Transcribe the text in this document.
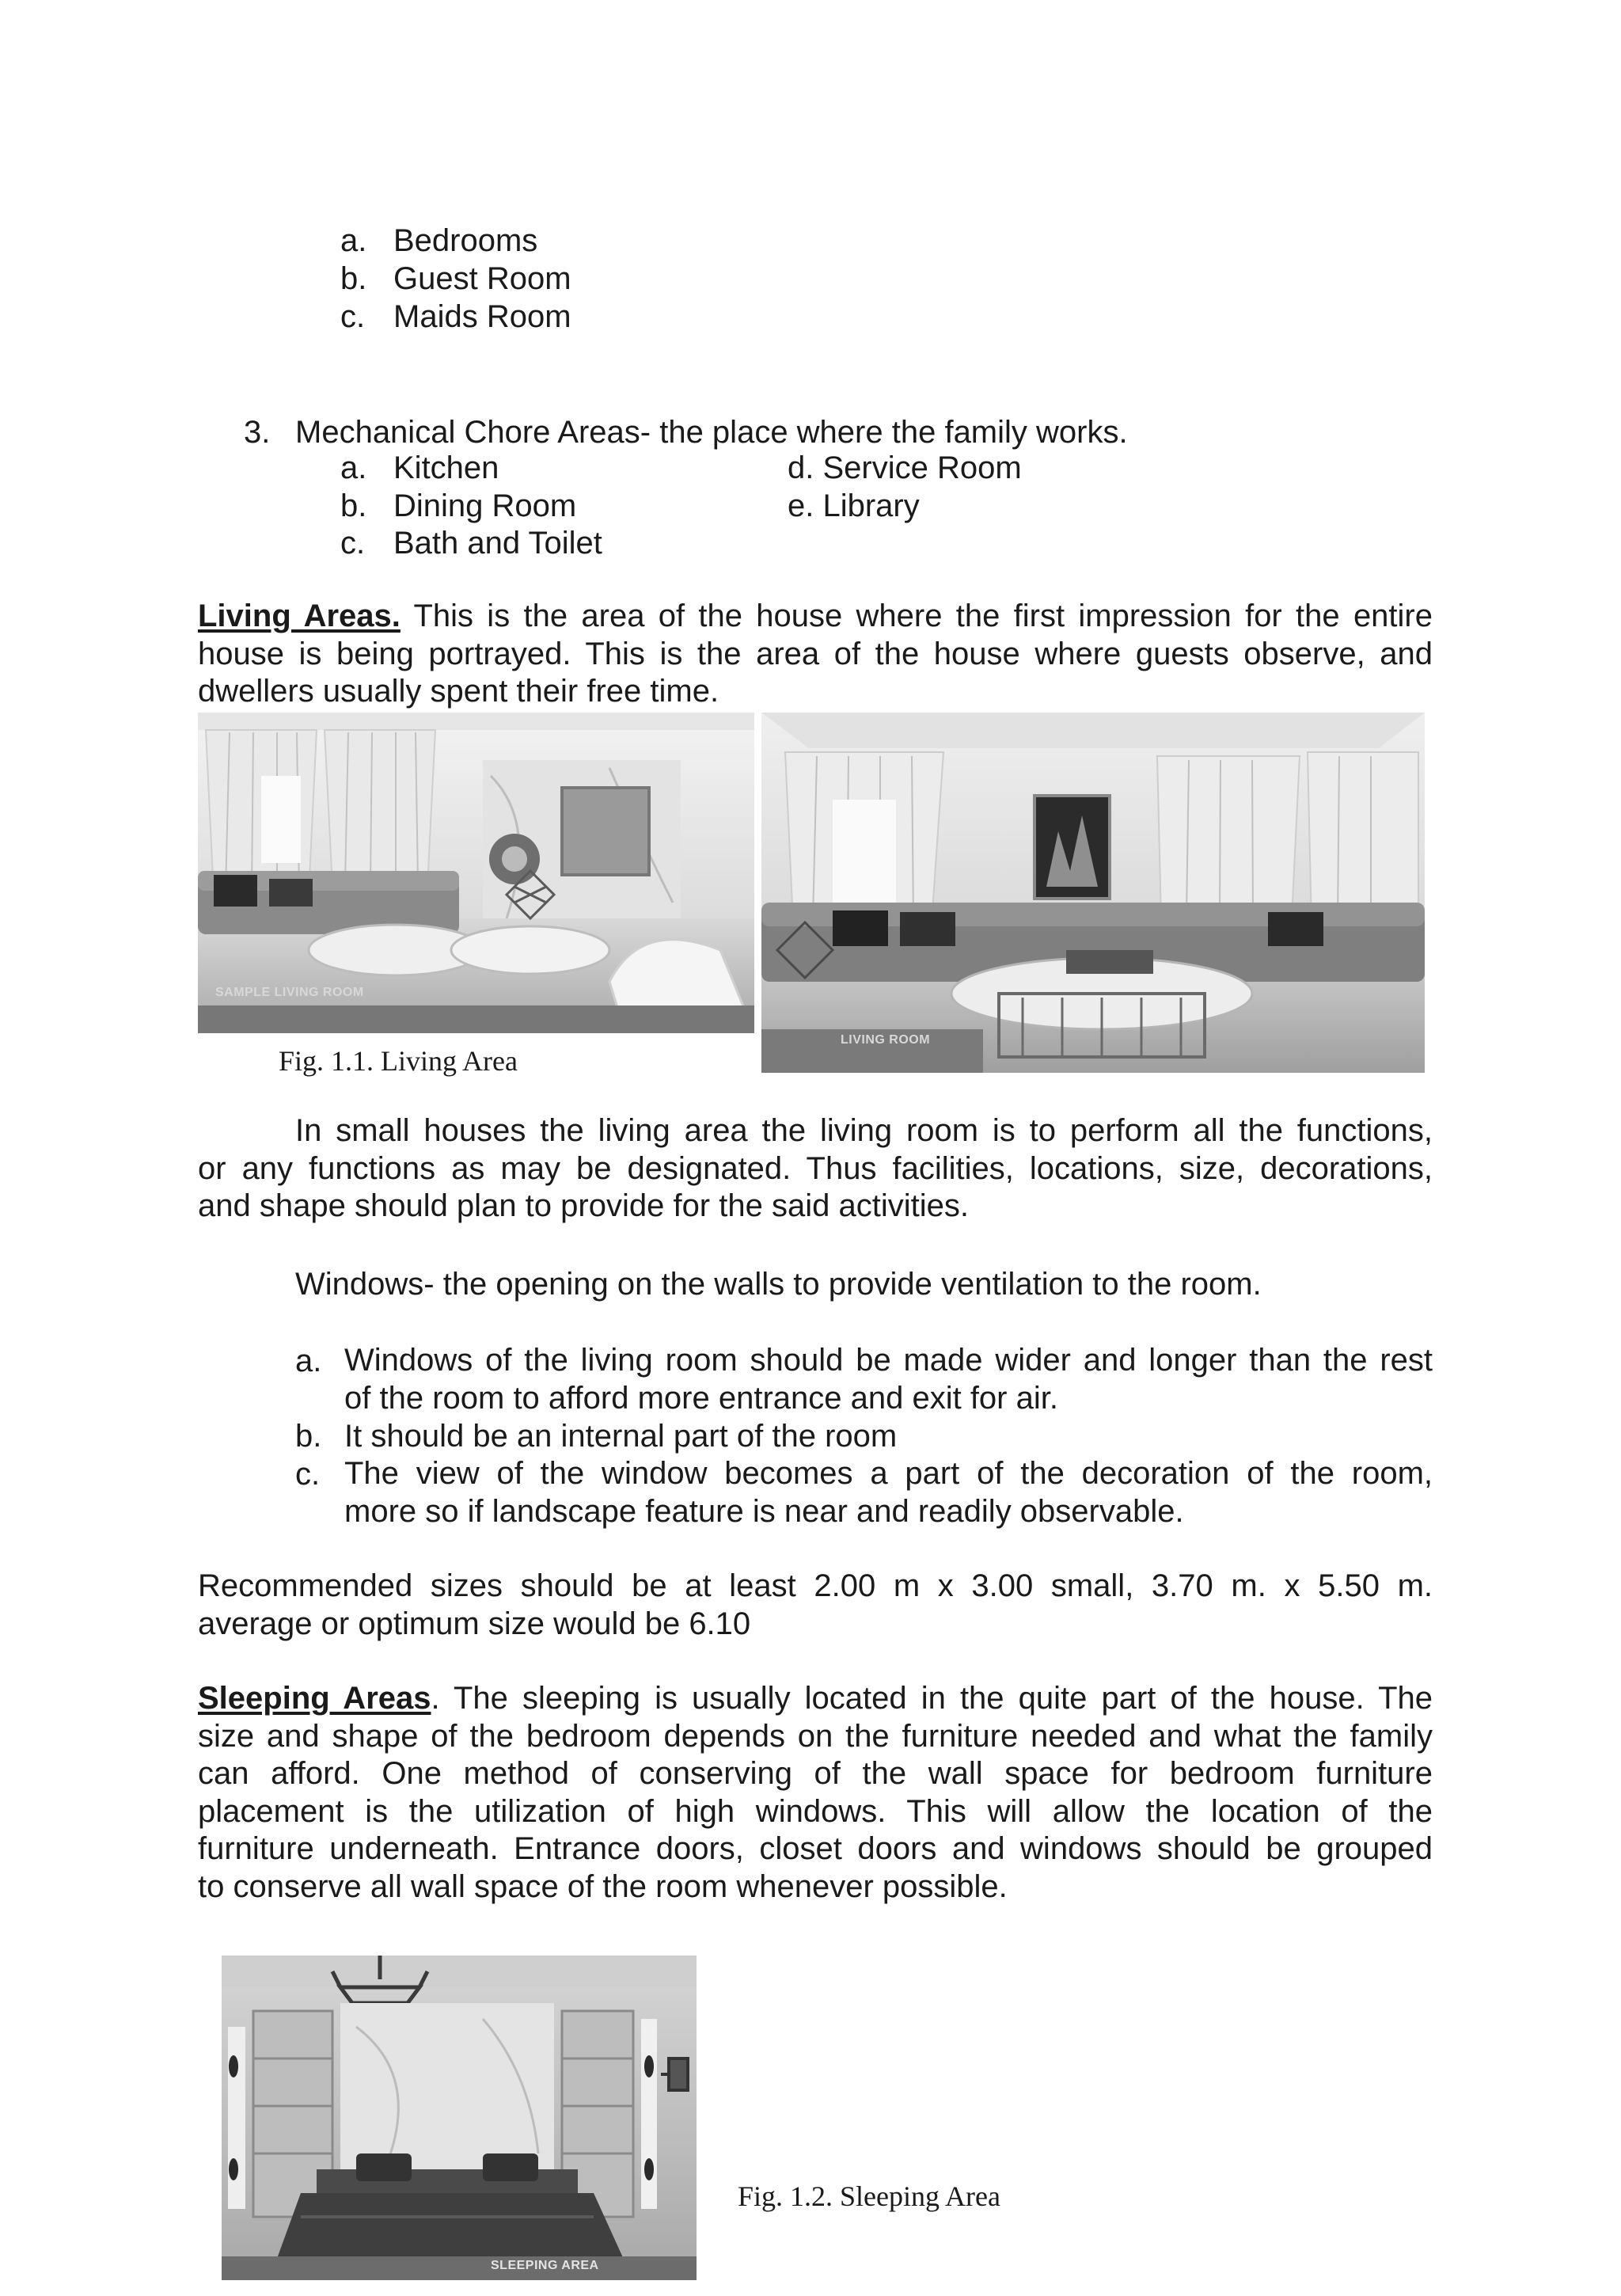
a. Bedrooms
b. Guest Room
c. Maids Room
3. Mechanical Chore Areas- the place where the family works.
a. Kitchen
b. Dining Room
c. Bath and Toilet
d. Service Room
e. Library
Living Areas. This is the area of the house where the first impression for the entire
house is being portrayed. This is the area of the house where guests observe, and
dwellers usually spent their free time.
SAMPLE LIVING ROOM
LIVING ROOM
Fig. 1.1. Living Area
In small houses the living area the living room is to perform all the functions,
or any functions as may be designated. Thus facilities, locations, size, decorations,
and shape should plan to provide for the said activities.
Windows- the opening on the walls to provide ventilation to the room.
a. Windows of the living room should be made wider and longer than the rest
of the room to afford more entrance and exit for air.
b. It should be an internal part of the room
c. The view of the window becomes a part of the decoration of the room,
more so if landscape feature is near and readily observable.
Recommended sizes should be at least 2.00 m x 3.00 small, 3.70 m. x 5.50 m.
average or optimum size would be 6.10
Sleeping Areas. The sleeping is usually located in the quite part of the house. The
size and shape of the bedroom depends on the furniture needed and what the family
can afford. One method of conserving of the wall space for bedroom furniture
placement is the utilization of high windows. This will allow the location of the
furniture underneath. Entrance doors, closet doors and windows should be grouped
to conserve all wall space of the room whenever possible.
SLEEPING AREA
Fig. 1.2. Sleeping Area
